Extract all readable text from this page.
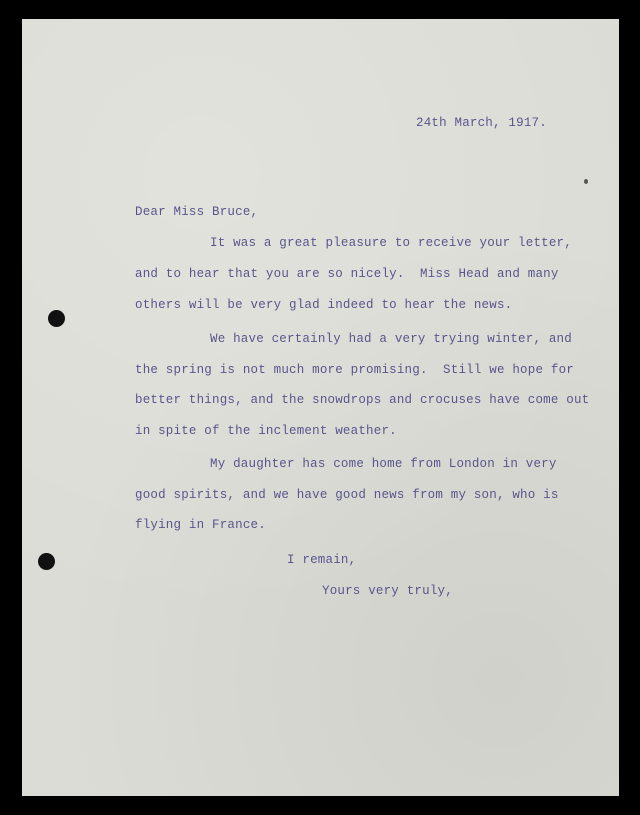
24th March, 1917.
Dear Miss Bruce,
It was a great pleasure to receive your letter,
and to hear that you are so nicely.  Miss Head and many
others will be very glad indeed to hear the news.
We have certainly had a very trying winter, and
the spring is not much more promising.  Still we hope for
better things, and the snowdrops and crocuses have come out
in spite of the inclement weather.
My daughter has come home from London in very
good spirits, and we have good news from my son, who is
flying in France.
I remain,
Yours very truly,
